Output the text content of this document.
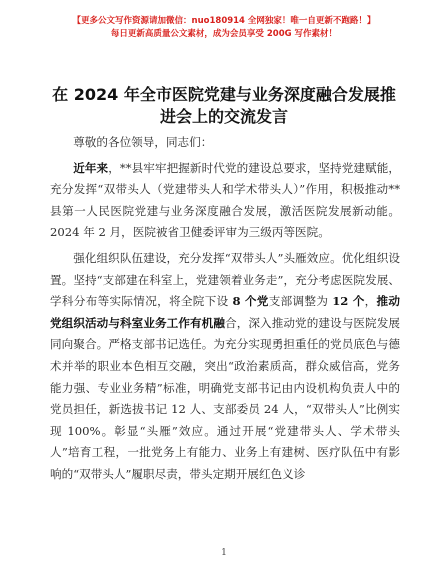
【更多公文写作资源请加微信：nuo180914 全网独家！唯一自更新不跑路！】
每日更新高质量公文素材，成为会员享受 200G 写作素材！
在 2024 年全市医院党建与业务深度融合发展推
进会上的交流发言

尊敬的各位领导，同志们：

近年来，**县牢牢把握新时代党的建设总要求，坚持党建赋能，充分发挥“双带头人（党建带头人和学术带头人）”作用，积极推动**县第一人民医院党建与业务深度融合发展，激活医院发展新动能。2024 年 2 月，医院被省卫健委评审为三级丙等医院。

强化组织队伍建设，充分发挥“双带头人”头雁效应。优化组织设置。坚持“支部建在科室上，党建领着业务走”，充分考虑医院发展、学科分布等实际情况，将全院下设 8 个党支部调整为 12 个，推动党组织活动与科室业务工作有机融合，深入推动党的建设与医院发展同向聚合。严格支部书记选任。为充分实现勇担重任的党员底色与德术并举的职业本色相互交融，突出“政治素质高，群众威信高，党务能力强、专业业务精”标准，明确党支部书记由内设机构负责人中的党员担任，新选拔书记 12 人、支部委员 24 人，“双带头人”比例实现 100%。彰显“头雁”效应。通过开展“党建带头人、学术带头人”培育工程，一批党务上有能力、业务上有建树、医疗队伍中有影响的“双带头人”履职尽责，带头定期开展红色义诊

1
